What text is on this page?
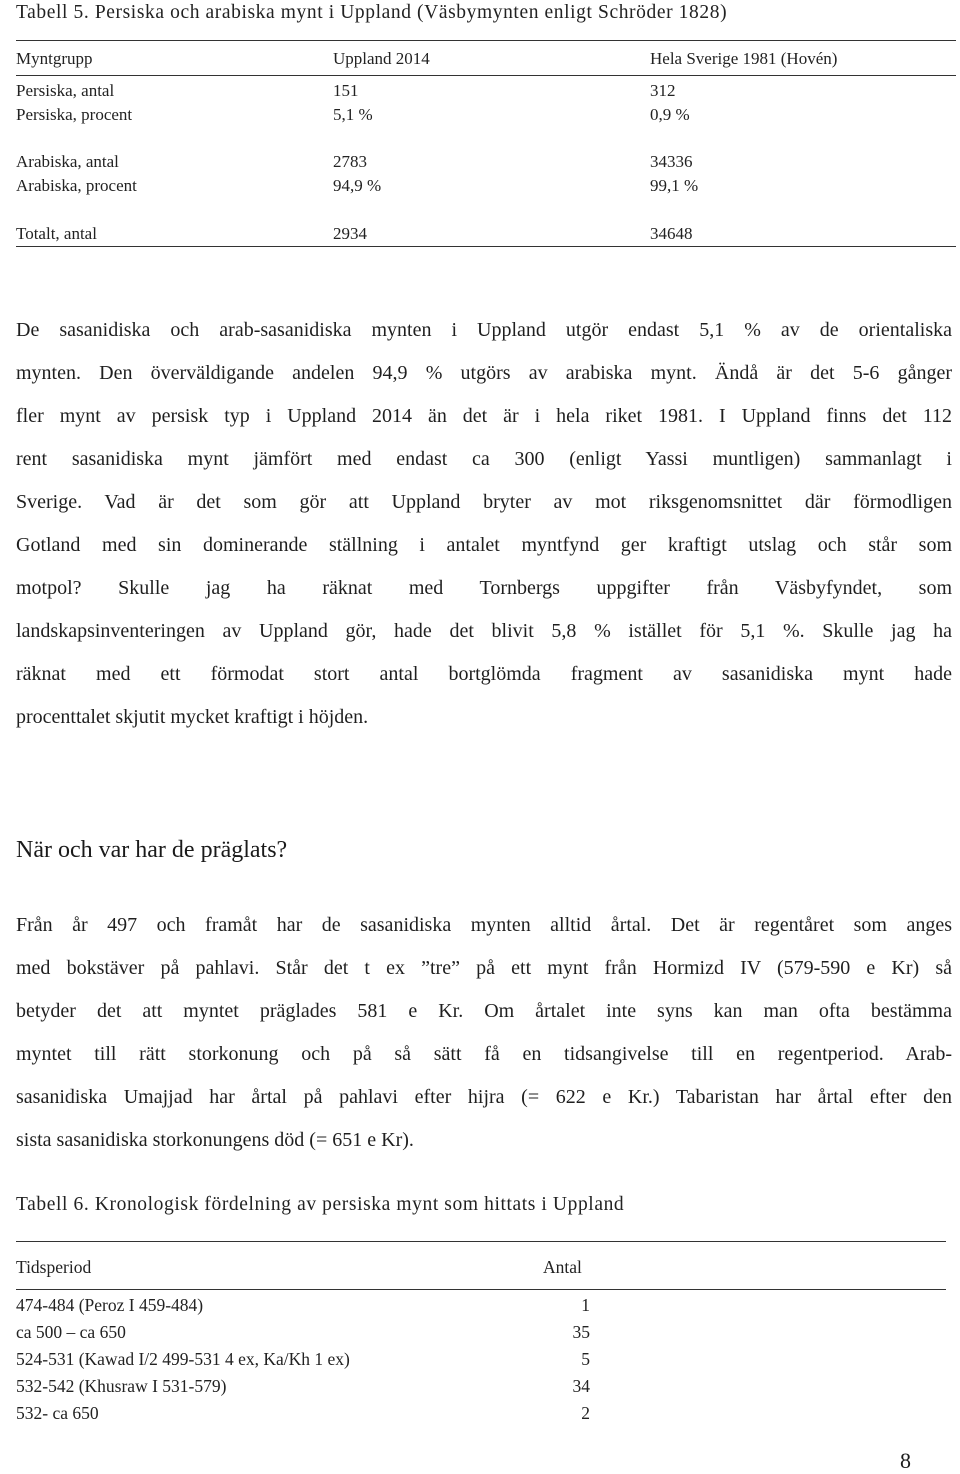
Tabell 5. Persiska och arabiska mynt i Uppland (Väsbymynten enligt Schröder 1828)
Myntgrupp	Uppland 2014	Hela Sverige 1981 (Hovén)
Persiska, antal	151	312
Persiska, procent	5,1 %	0,9 %
Arabiska, antal	2783	34336
Arabiska, procent	94,9 %	99,1 %
Totalt, antal	2934	34648
De sasanidiska och arab-sasanidiska mynten i Uppland utgör endast 5,1 % av de orientaliska
mynten. Den överväldigande andelen 94,9 % utgörs av arabiska mynt. Ändå är det 5-6 gånger
fler mynt av persisk typ i Uppland 2014 än det är i hela riket 1981. I Uppland finns det 112
rent sasanidiska mynt jämfört med endast ca 300 (enligt Yassi muntligen) sammanlagt i
Sverige. Vad är det som gör att Uppland bryter av mot riksgenomsnittet där förmodligen
Gotland med sin dominerande ställning i antalet myntfynd ger kraftigt utslag och står som
motpol? Skulle jag ha räknat med Tornbergs uppgifter från Väsbyfyndet, som
landskapsinventeringen av Uppland gör, hade det blivit 5,8 % istället för 5,1 %. Skulle jag ha
räknat med ett förmodat stort antal bortglömda fragment av sasanidiska mynt hade
procenttalet skjutit mycket kraftigt i höjden.
När och var har de präglats?
Från år 497 och framåt har de sasanidiska mynten alltid årtal. Det är regentåret som anges
med bokstäver på pahlavi. Står det t ex ”tre” på ett mynt från Hormizd IV (579-590 e Kr) så
betyder det att myntet präglades 581 e Kr. Om årtalet inte syns kan man ofta bestämma
myntet till rätt storkonung och på så sätt få en tidsangivelse till en regentperiod. Arab-
sasanidiska Umajjad har årtal på pahlavi efter hijra (= 622 e Kr.) Tabaristan har årtal efter den
sista sasanidiska storkonungens död (= 651 e Kr).
Tabell 6. Kronologisk fördelning av persiska mynt som hittats i Uppland
Tidsperiod	Antal
474-484 (Peroz I 459-484)	1
ca 500 – ca 650	35
524-531 (Kawad I/2 499-531 4 ex, Ka/Kh 1 ex)	5
532-542 (Khusraw I 531-579)	34
532- ca 650	2
8
